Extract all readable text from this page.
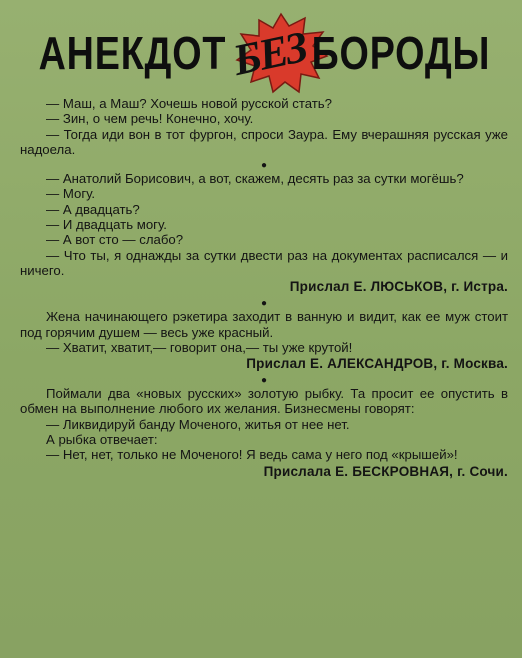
АНЕКДОТ БЕЗ БОРОДЫ

— Маш, а Маш? Хочешь новой русской стать?

— Зин, о чем речь! Конечно, хочу.

— Тогда иди вон в тот фургон, спроси Заура. Ему вчерашняя русская уже надоела.

●

— Анатолий Борисович, а вот, скажем, десять раз за сутки могёшь?

— Могу.

— А двадцать?

— И двадцать могу.

— А вот сто — слабо?

— Что ты, я однажды за сутки двести раз на документах расписался — и ничего.

Прислал Е. ЛЮСЬКОВ, г. Истра.

●

Жена начинающего рэкетира заходит в ванную и видит, как ее муж стоит под горячим душем — весь уже красный.

— Хватит, хватит,— говорит она,— ты уже крутой!

Прислал Е. АЛЕКСАНДРОВ, г. Москва.

●

Поймали два «новых русских» золотую рыбку. Та просит ее опустить в обмен на выполнение любого их желания. Бизнесмены говорят:

— Ликвидируй банду Моченого, житья от нее нет.

А рыбка отвечает:

— Нет, нет, только не Моченого! Я ведь сама у него под «крышей»!

Прислала Е. БЕСКРОВНАЯ, г. Сочи.
